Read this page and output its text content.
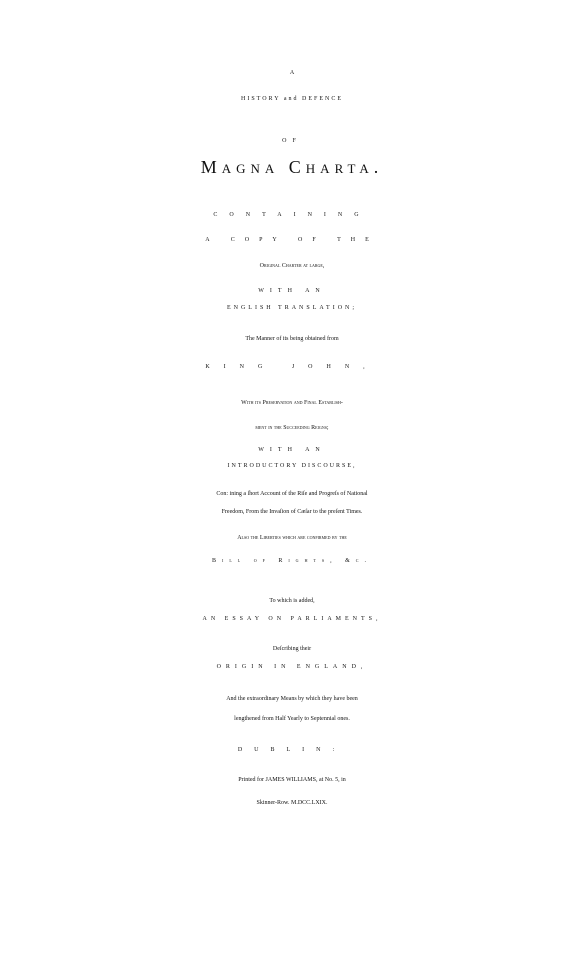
A
HISTORY and DEFENCE
OF
Magna Charta.
CONTAINING
A COPY OF THE
Original Charter at large,
WITH AN
ENGLISH TRANSLATION;
The Manner of its being obtained from
KING JOHN,
With its Preservation and Final Establish-
ment in the Succeeding Reigns;
WITH AN
INTRODUCTORY DISCOURSE,
Con: ining a ſhort Account of the Riſe and Progreſs of National
Freedom, From the Invaſion of Cæſar to the preſent Times.
Alſo the Liberties which are confirmed by the
Bill of Rights, &c.
To which is added,
AN ESSAY ON PARLIAMENTS,
Deſcribing their
ORIGIN IN ENGLAND,
And the extraordinary Means by which they have been
lengthened from Half Yearly to Septennial ones.
DUBLIN:
Printed for JAMES WILLIAMS, at No. 5, in
Skinner-Row. M.DCC.LXIX.
